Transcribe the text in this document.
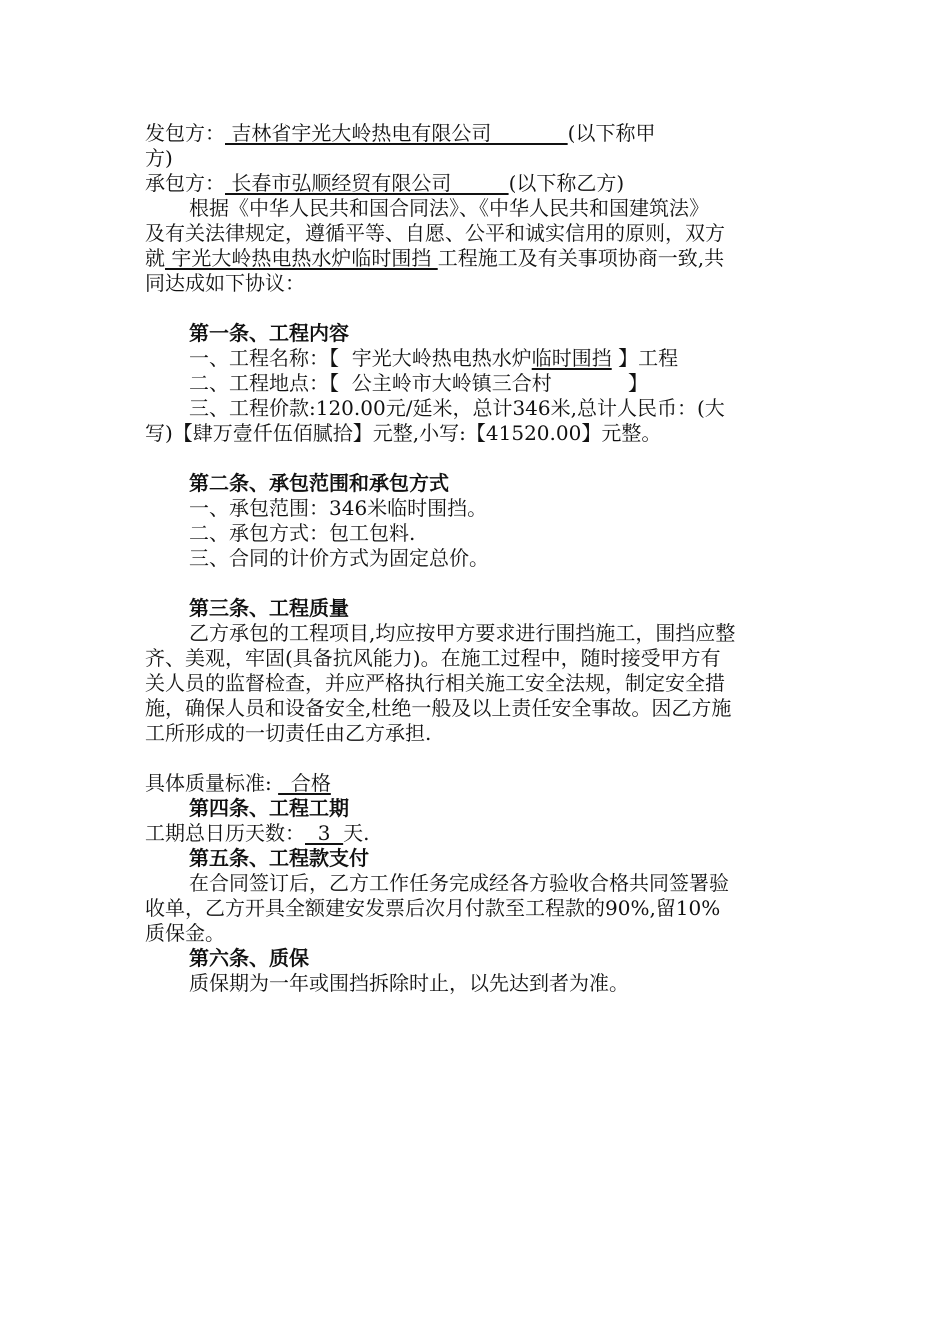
发包方： 吉林省宇光大岭热电有限公司            (以下称甲
方)
承包方： 长春市弘顺经贸有限公司         (以下称乙方)
根据《中华人民共和国合同法》、《中华人民共和国建筑法》
及有关法律规定，遵循平等、自愿、公平和诚实信用的原则，双方
就 宇光大岭热电热水炉临时围挡 工程施工及有关事项协商一致,共
同达成如下协议：
第一条、工程内容
一、工程名称：【  宇光大岭热电热水炉临时围挡 】工程
二、工程地点：【  公主岭市大岭镇三合村            】
三、工程价款:120.00元/延米，总计346米,总计人民币：(大
写)【肆万壹仟伍佰腻拾】元整,小写:【41520.00】元整。
第二条、承包范围和承包方式
一、承包范围：346米临时围挡。
二、承包方式：包工包料.
三、合同的计价方式为固定总价。
第三条、工程质量
乙方承包的工程项目,均应按甲方要求进行围挡施工，围挡应整
齐、美观，牢固(具备抗风能力)。在施工过程中，随时接受甲方有
关人员的监督检查，并应严格执行相关施工安全法规，制定安全措
施，确保人员和设备安全,杜绝一般及以上责任安全事故。因乙方施
工所形成的一切责任由乙方承担.
具体质量标准:   合格
第四条、工程工期
工期总日历天数：  3  天.
第五条、工程款支付
在合同签订后，乙方工作任务完成经各方验收合格共同签署验
收单，乙方开具全额建安发票后次月付款至工程款的90%,留10%
质保金。
第六条、质保
质保期为一年或围挡拆除时止，以先达到者为准。
